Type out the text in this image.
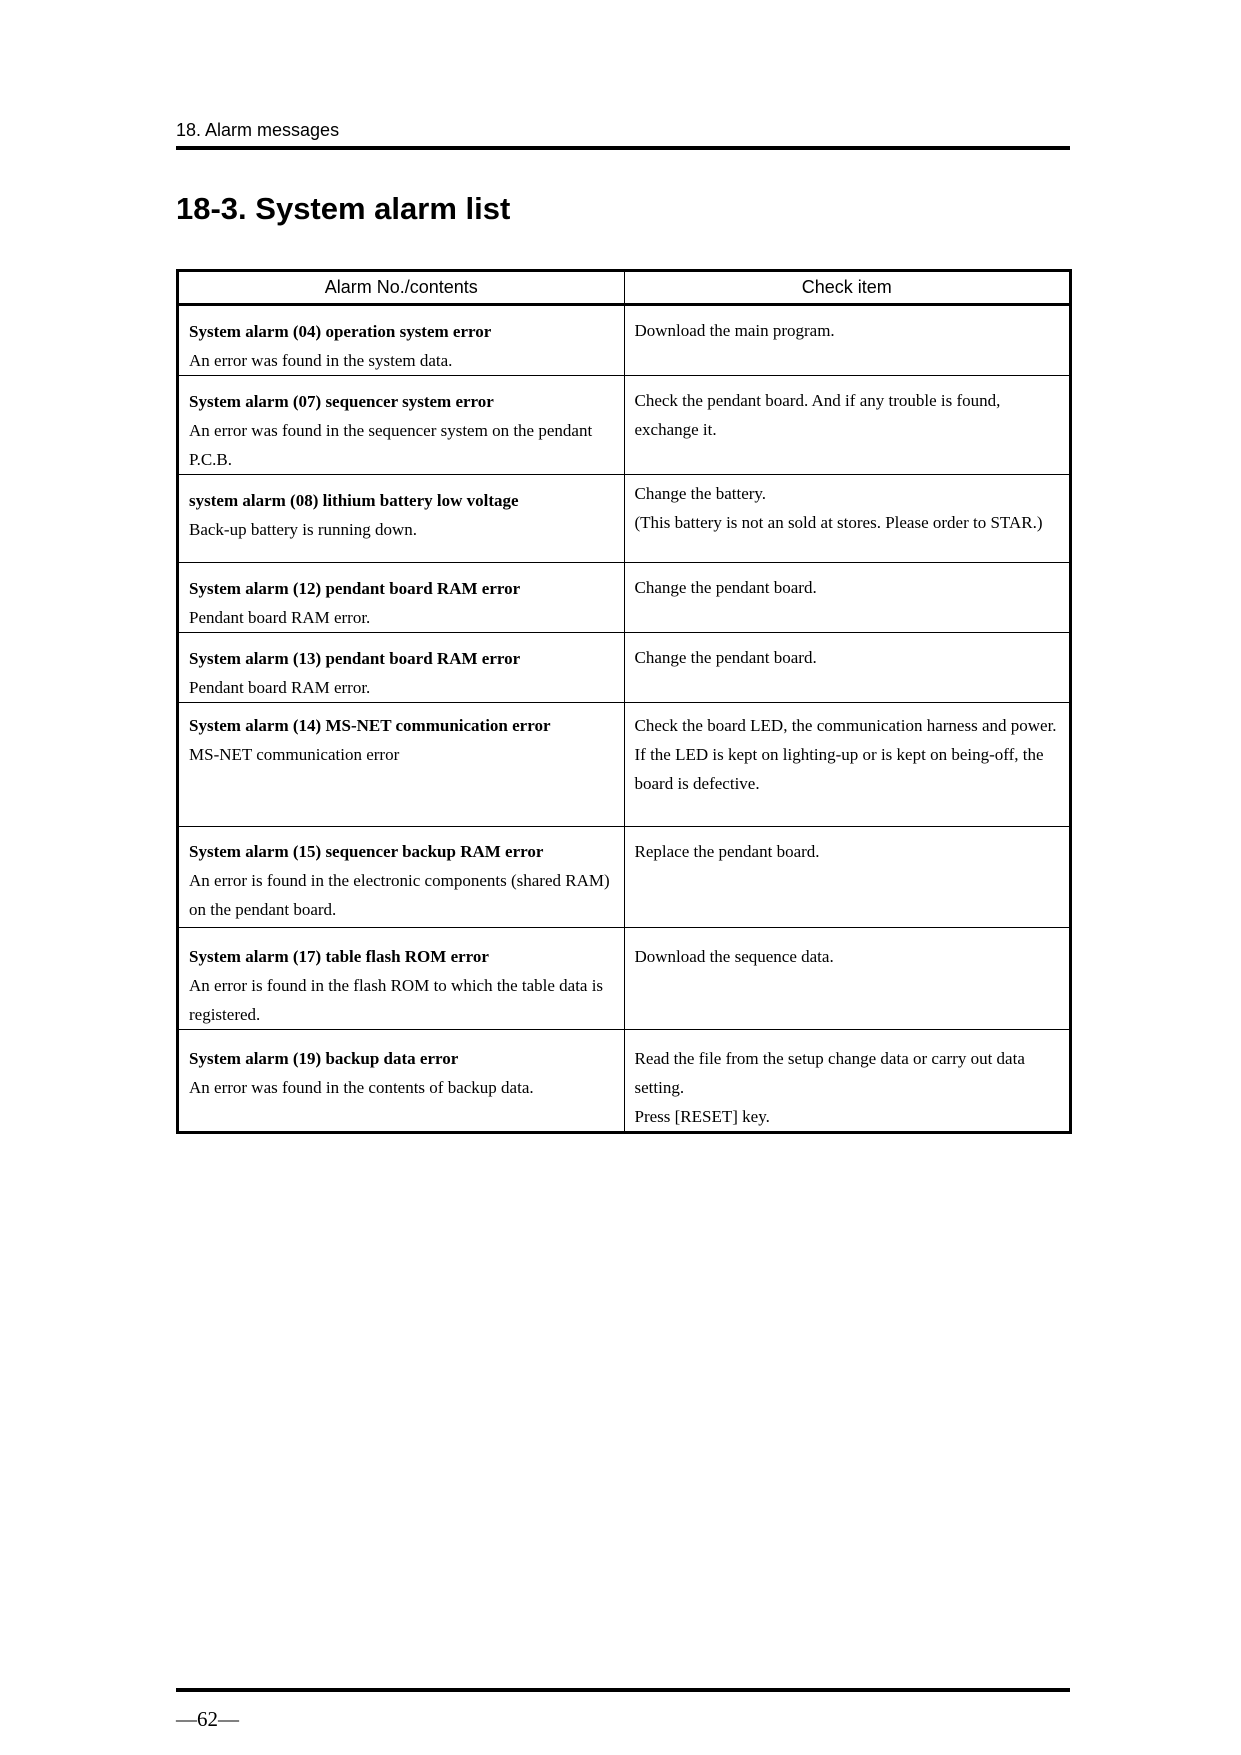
18. Alarm messages
18-3. System alarm list
Alarm No./contents	Check item

System alarm (04) operation system error
An error was found in the system data.	Download the main program.

System alarm (07) sequencer system error
An error was found in the sequencer system on the pendant P.C.B.	Check the pendant board. And if any trouble is found, exchange it.

system alarm (08) lithium battery low voltage
Back-up battery is running down.	Change the battery.
(This battery is not an sold at stores. Please order to STAR.)

System alarm (12) pendant board RAM error
Pendant board RAM error.	Change the pendant board.

System alarm (13) pendant board RAM error
Pendant board RAM error.	Change the pendant board.

System alarm (14) MS-NET communication error
MS-NET communication error	Check the board LED, the communication harness and power.
If the LED is kept on lighting-up or is kept on being-off, the board is defective.

System alarm (15) sequencer backup RAM error
An error is found in the electronic components (shared RAM) on the pendant board.	Replace the pendant board.

System alarm (17) table flash ROM error
An error is found in the flash ROM to which the table data is registered.	Download the sequence data.

System alarm (19) backup data error
An error was found in the contents of backup data.	Read the file from the setup change data or carry out data setting.
Press [RESET] key.
—62—
